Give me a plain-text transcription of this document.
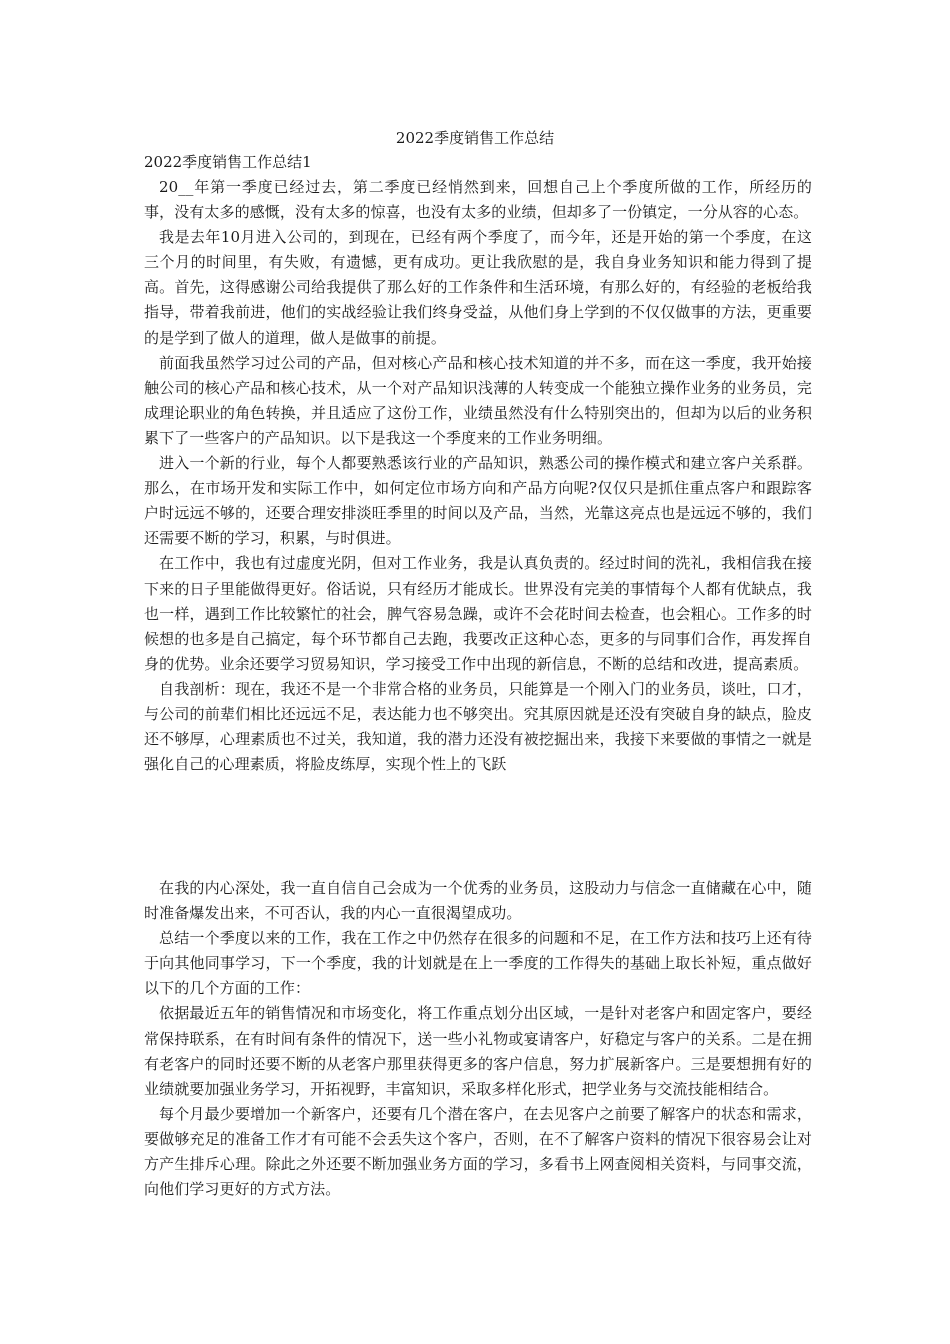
2022季度销售工作总结
2022季度销售工作总结1

20__年第一季度已经过去，第二季度已经悄然到来，回想自己上个季度所做的工作，所经历的事，没有太多的感慨，没有太多的惊喜，也没有太多的业绩，但却多了一份镇定，一分从容的心态。

我是去年10月进入公司的，到现在，已经有两个季度了，而今年，还是开始的第一个季度，在这三个月的时间里，有失败，有遗憾，更有成功。更让我欣慰的是，我自身业务知识和能力得到了提高。首先，这得感谢公司给我提供了那么好的工作条件和生活环境，有那么好的，有经验的老板给我指导，带着我前进，他们的实战经验让我们终身受益，从他们身上学到的不仅仅做事的方法，更重要的是学到了做人的道理，做人是做事的前提。

前面我虽然学习过公司的产品，但对核心产品和核心技术知道的并不多，而在这一季度，我开始接触公司的核心产品和核心技术，从一个对产品知识浅薄的人转变成一个能独立操作业务的业务员，完成理论职业的角色转换，并且适应了这份工作，业绩虽然没有什么特别突出的，但却为以后的业务积累下了一些客户的产品知识。以下是我这一个季度来的工作业务明细。

进入一个新的行业，每个人都要熟悉该行业的产品知识，熟悉公司的操作模式和建立客户关系群。那么，在市场开发和实际工作中，如何定位市场方向和产品方向呢?仅仅只是抓住重点客户和跟踪客户时远远不够的，还要合理安排淡旺季里的时间以及产品，当然，光靠这亮点也是远远不够的，我们还需要不断的学习，积累，与时俱进。

在工作中，我也有过虚度光阴，但对工作业务，我是认真负责的。经过时间的洗礼，我相信我在接下来的日子里能做得更好。俗话说，只有经历才能成长。世界没有完美的事情每个人都有优缺点，我也一样，遇到工作比较繁忙的社会，脾气容易急躁，或许不会花时间去检查，也会粗心。工作多的时候想的也多是自己搞定，每个环节都自己去跑，我要改正这种心态，更多的与同事们合作，再发挥自身的优势。业余还要学习贸易知识，学习接受工作中出现的新信息，不断的总结和改进，提高素质。

自我剖析：现在，我还不是一个非常合格的业务员，只能算是一个刚入门的业务员，谈吐，口才，与公司的前辈们相比还远远不足，表达能力也不够突出。究其原因就是还没有突破自身的缺点，脸皮还不够厚，心理素质也不过关，我知道，我的潜力还没有被挖掘出来，我接下来要做的事情之一就是强化自己的心理素质，将脸皮练厚，实现个性上的飞跃

在我的内心深处，我一直自信自己会成为一个优秀的业务员，这股动力与信念一直储藏在心中，随时准备爆发出来，不可否认，我的内心一直很渴望成功。

总结一个季度以来的工作，我在工作之中仍然存在很多的问题和不足，在工作方法和技巧上还有待于向其他同事学习，下一个季度，我的计划就是在上一季度的工作得失的基础上取长补短，重点做好以下的几个方面的工作：

依据最近五年的销售情况和市场变化，将工作重点划分出区域，一是针对老客户和固定客户，要经常保持联系，在有时间有条件的情况下，送一些小礼物或宴请客户，好稳定与客户的关系。二是在拥有老客户的同时还要不断的从老客户那里获得更多的客户信息，努力扩展新客户。三是要想拥有好的业绩就要加强业务学习，开拓视野，丰富知识，采取多样化形式，把学业务与交流技能相结合。

每个月最少要增加一个新客户，还要有几个潜在客户，在去见客户之前要了解客户的状态和需求，要做够充足的准备工作才有可能不会丢失这个客户，否则，在不了解客户资料的情况下很容易会让对方产生排斥心理。除此之外还要不断加强业务方面的学习，多看书上网查阅相关资料，与同事交流，向他们学习更好的方式方法。
